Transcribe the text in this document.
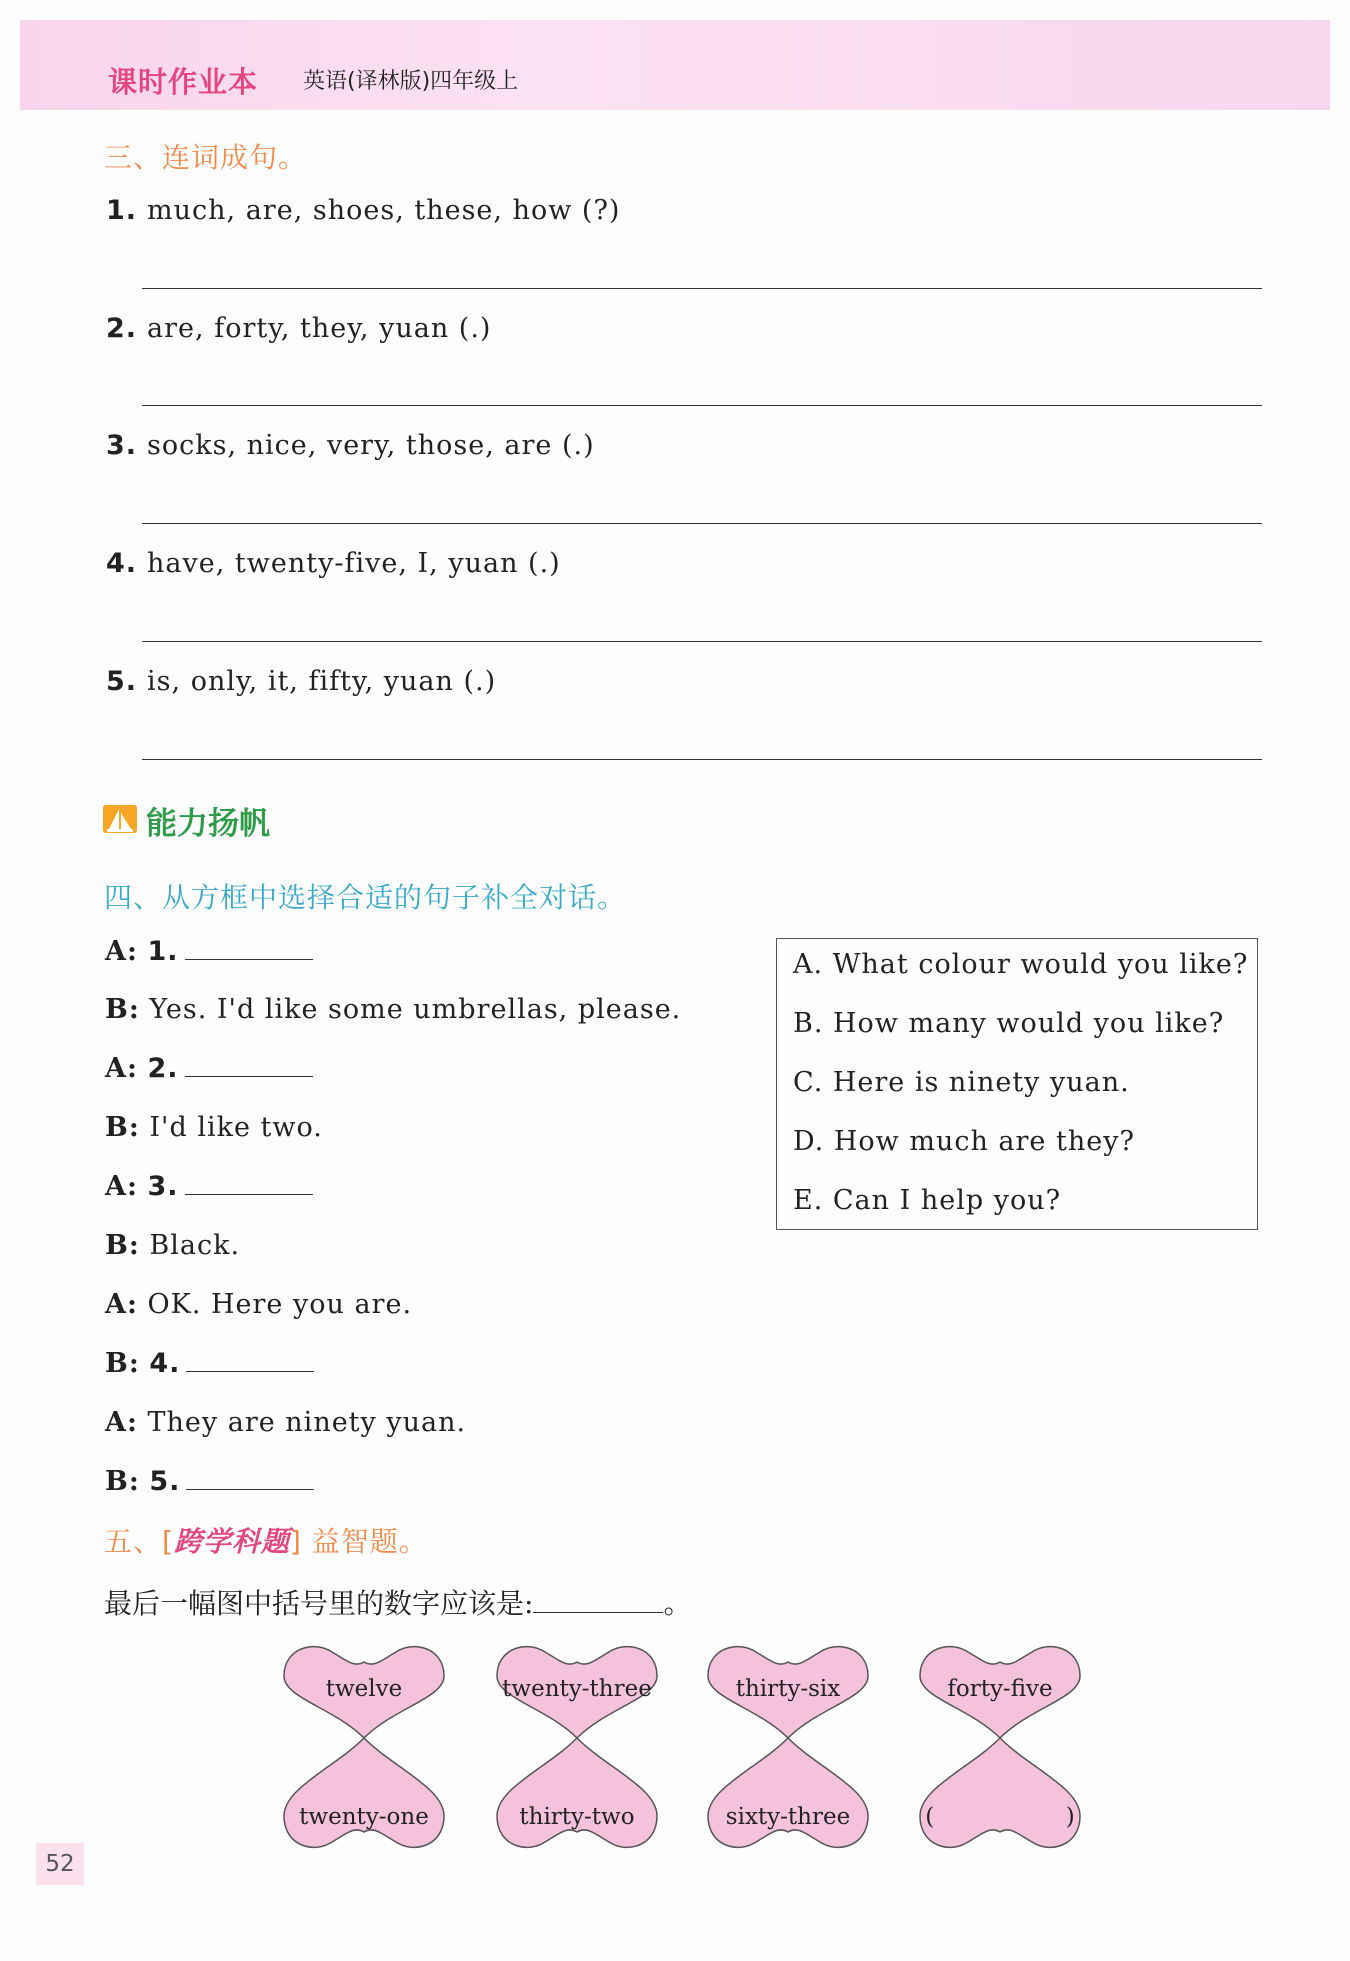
课时作业本 英语(译林版)四年级上
三、连词成句。
1. much, are, shoes, these, how (?)
2. are, forty, they, yuan (.)
3. socks, nice, very, those, are (.)
4. have, twenty-five, I, yuan (.)
5. is, only, it, fifty, yuan (.)
能力扬帆
四、从方框中选择合适的句子补全对话。
A: 1.
B: Yes. I'd like some umbrellas, please.
A: 2.
B: I'd like two.
A: 3.
B: Black.
A: OK. Here you are.
B: 4.
A: They are ninety yuan.
B: 5.
A. What colour would you like?
B. How many would you like?
C. Here is ninety yuan.
D. How much are they?
E. Can I help you?
五、[跨学科题] 益智题。
最后一幅图中括号里的数字应该是:	。
twelve
twenty-one
twenty-three
thirty-two
thirty-six
sixty-three
forty-five
(                  )
52
